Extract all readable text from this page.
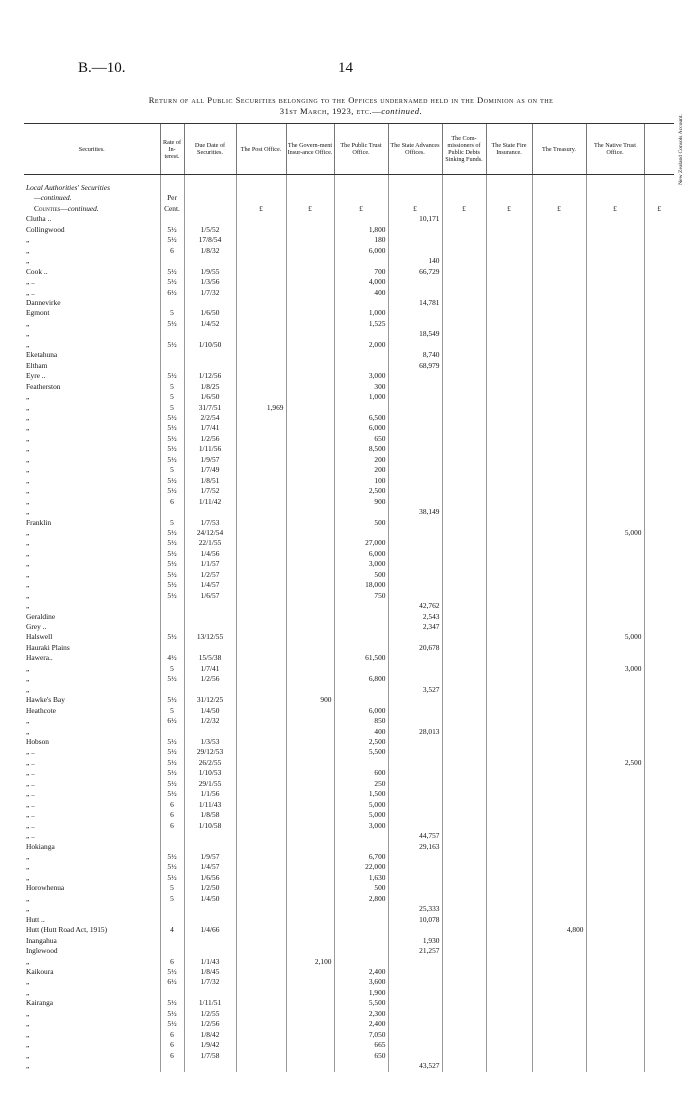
B.—10.	14
Return of all Public Securities belonging to the Offices undernamed held in the Dominion as on the
31st March, 1923, etc.—continued.
Securities.	Rate of In-terest.	Due Date of Securities.	The Post Office.	The Govern-ment Insur-ance Office.	The Public Trust Office.	The State Advances Offices.	The Com-missioners of Public Debts Sinking Funds.	The State Fire Insurance.	The Treasury.	The Native Trust Office.	New Zealand Consols Account.

Local Authorities' Securities											
—continued.	Per										
Counties—continued.	Cent.		£	£	£	£	£	£	£	£	£
Clutha ..						10,171					
Collingwood	5½	1/5/52			1,800						
„	5½	17/8/54			180						
„	6	1/8/32			6,000						
„						140					
Cook ..	5½	1/9/55			700	66,729					
„ ..	5½	1/3/56			4,000						
„ ..	6½	1/7/32			400						
Dannevirke						14,781					
Egmont	5	1/6/50			1,000						
„	5½	1/4/52			1,525						
„						18,549					
„	5½	1/10/50			2,000						
Eketahuna						8,740					
Eltham						68,979					
Eyre ..	5½	1/12/56			3,000						
Featherston	5	1/8/25			300						
„	5	1/6/50			1,000						
„	5	31/7/51	1,969								
„	5½	2/2/54			6,500						
„	5½	1/7/41			6,000						
„	5½	1/2/56			650						
„	5½	1/11/56			8,500						
„	5½	1/9/57			200						
„	5	1/7/49			200						
„	5½	1/8/51			100						
„	5½	1/7/52			2,500						
„	6	1/11/42			900						
„						38,149					
Franklin	5	1/7/53			500						
„	5½	24/12/54								5,000	
„	5½	22/1/55			27,000						
„	5½	1/4/56			6,000						
„	5½	1/1/57			3,000						
„	5½	1/2/57			500						
„	5½	1/4/57			18,000						
„	5½	1/6/57			750						
„						42,762					
Geraldine						2,543					
Grey ..						2,347					
Halswell	5½	13/12/55								5,000	
Hauraki Plains						20,678					
Hawera..	4½	15/5/38			61,500						
„	5	1/7/41								3,000	
„	5½	1/2/56			6,800						
„						3,527					
Hawke's Bay	5½	31/12/25		900							
Heathcote	5	1/4/50			6,000						
„	6½	1/2/32			850						
„					400	28,013					
Hobson	5½	1/3/53			2,500						
„ ..	5½	29/12/53			5,500						
„ ..	5½	26/2/55								2,500	
„ ..	5½	1/10/53			600						
„ ..	5½	29/1/55			250						
„ ..	5½	1/1/56			1,500						
„ ..	6	1/11/43			5,000						
„ ..	6	1/8/58			5,000						
„ ..	6	1/10/58			3,000						
„ ..						44,757					
Hokianga						29,163					
„	5½	1/9/57			6,700						
„	5½	1/4/57			22,000						
„	5½	1/6/56			1,630						
Horowhenua	5	1/2/50			500						
„	5	1/4/50			2,800						
„						25,333					
Hutt ..						10,078					
Hutt (Hutt Road Act, 1915)	4	1/4/66							4,800		
Inangahua						1,930					
Inglewood						21,257					
„	6	1/1/43		2,100							
Kaikoura	5½	1/8/45			2,400						
„	6½	1/7/32			3,600						
„					1,900						
Kairanga	5½	1/11/51			5,500						
„	5½	1/2/55			2,300						
„	5½	1/2/56			2,400						
„	6	1/8/42			7,050						
„	6	1/9/42			665						
„	6	1/7/58			650						
„						43,527					
